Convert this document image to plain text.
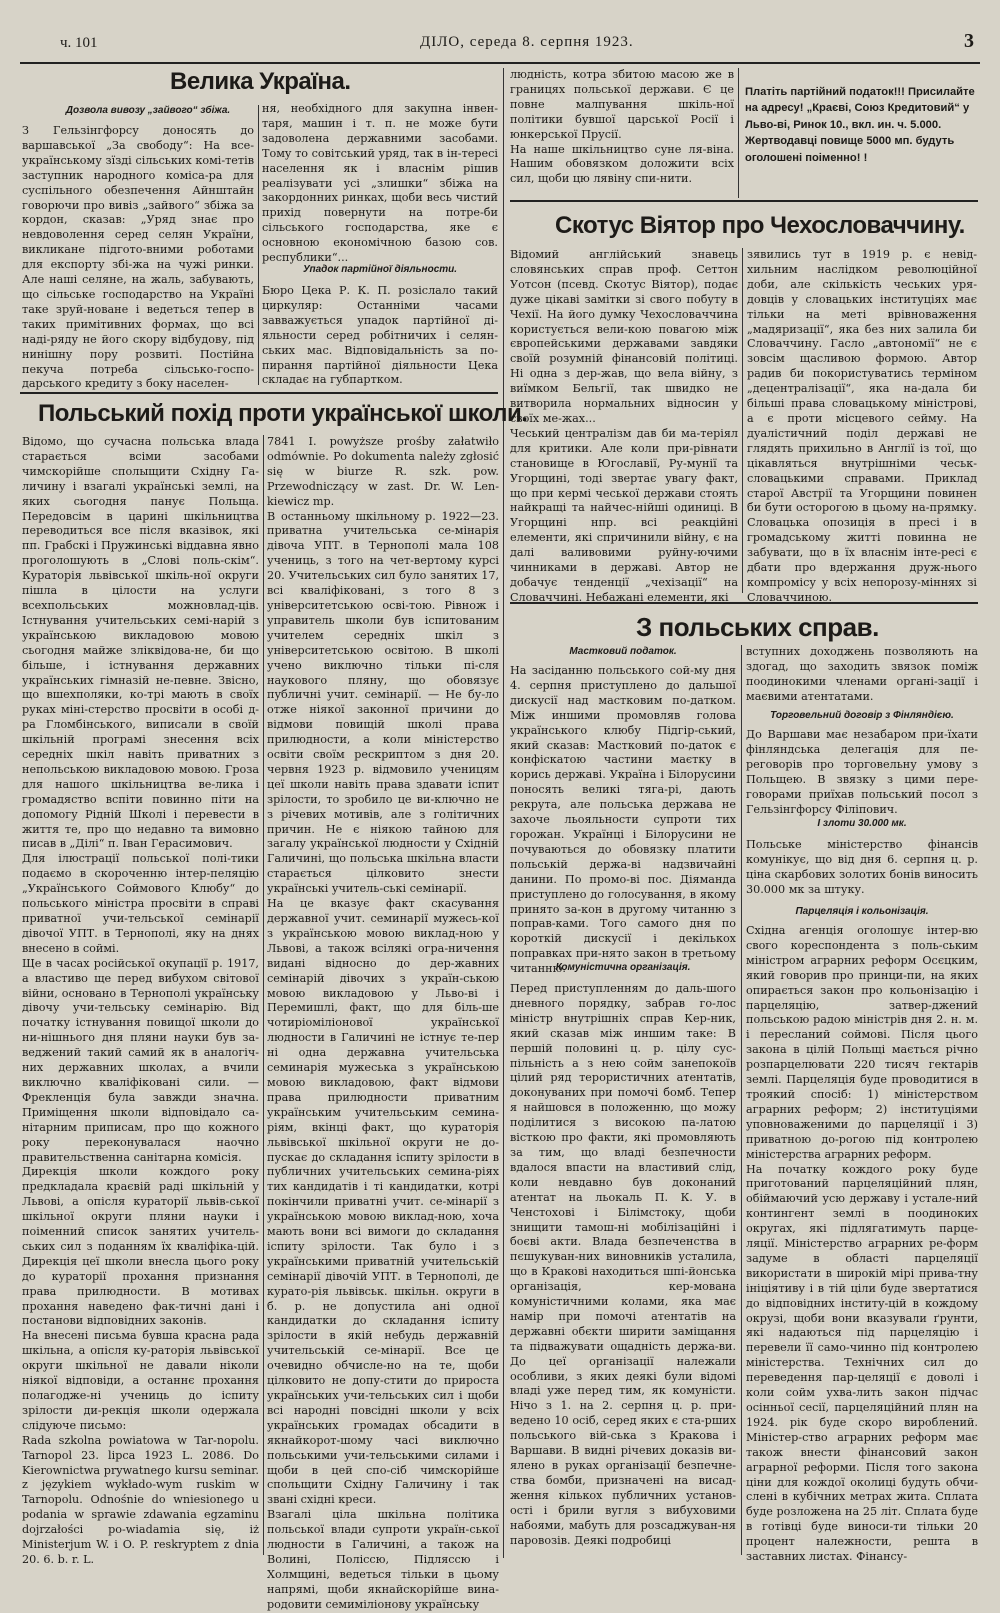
ч. 101	ДІЛО, середа 8. серпня 1923.	3
Велика Україна.
Дозвола вивозу „зайвого“ збіжа.
З Гельзінгфорсу доносять до варшавської „За свободу“: На все-українському зїзді сільських комі-тетів заступник народного коміса-ра для суспільного обезпечення Айнштайн говорючи про вивіз „зайвого“ збіжа за кордон, сказав: „Уряд знає про невдоволення серед селян України, викликане підгото-вними роботами для експорту збі-жа на чужі ринки. Але наші селяне, на жаль, забувають, що сільське господарство на Україні таке зруй-новане і ведеться тепер в таких примітивних формах, що всі наді-ряду не його скору відбудову, під нинішну пору розвиті. Постійна пекуча потреба сільсько-госпо-дарського кредиту з боку населен-
ня, необхідного для закупна інвен-таря, машин і т. п. не може бути задоволена державними засобами. Тому то совітський уряд, так в ін-тересі населення як і власнім рішив реалізувати усі „злишки“ збіжа на закордонних ринках, щоби весь чистий прихід повернути на потре-би сільського господарства, яке є основною економічною базою сов. республики“...
Упадок партійної діяльности.
Бюро Цека Р. К. П. розіслало такий циркуляр: Останніми часами завважується упадок партійної ді-яльности серед робітничих і селян-ських мас. Відповідальність за по-пирання партійної діяльности Цека складає на губпартком.
людність, котра збитою масою же в границях польської держави. Є це повне малпування шкіль-ної політики бувшої царської Росії і юнкерської Прусії.
На наше шкільництво суне ля-віна. Нашим обовязком доложити всіх сил, щоби цю лявіну спи-нити.
Платіть партійний податок!!! Присилайте на адресу! „Краєві, Союз Кредитовий“ у Льво-ві, Ринок 10., вкл. ин. ч. 5.000. Жертводавці повище 5000 мп. будуть оголошені поіменно! !
Скотус Віятор про Чехословаччину.
Відомий англійський знавець словянських справ проф. Сеттон Уотсон (псевд. Скотус Віятор), подає дуже цікаві замітки зі свого побуту в Чехії. На його думку Чехословаччина користується вели-кою повагою між європейськими державами завдяки своїй розумній фінансовій політиці. Ні одна з дер-жав, що вела війну, з виїмком Бельгії, так швидко не витворила нормальних відносин у своїх ме-жах...
Чеський централізм дав би ма-теріял для критики. Але коли при-рівнати становище в Югославії, Ру-мунії та Угорщині, тоді звертає увагу факт, що при кермі чеської держави стоять найкращі та найчес-нійші одиниці. В Угорщині нпр. всі реакційні елементи, які спричинили війну, є на далі валивовими руйну-ючими чинниками в державі. Автор не добачує тенденції „чехізації“ на Словаччині. Небажані елементи, які
зявились тут в 1919 р. є невід-хильним наслідком революційної доби, але скількість чеських уря-довців у словацьких інституціях має тільки на меті врівноваження „мадяризації“, яка без них залила би Словаччину. Гасло „автономії“ не є зовсім щасливою формою. Автор радив би покористуватись терміном „децентралізації“, яка на-дала би більші права словацькому міністрові, а є проти місцевого сейму. На дуалістичний поділ державі не глядять прихильно в Англії із тої, що цікавляться внутрішніми чеськ-словацькими справами. Приклад старої Австрії та Угорщини повинен би бути осторогою в цьому на-прямку. Словацька опозиція в пресі і в громадському житті повинна не забувати, що в їх власнім інте-ресі є дбати про вдержання друж-нього компромісу у всіх непорозу-міннях зі Словаччиною.
Польський похід проти української школи.
Відомо, що сучасна польська влада старається всіми засобами чимскорійше сполыщити Східну Га-личину і взагалі українські землі, на яких сьогодня панує Польща. Передовсім в царині шкільництва переводиться все після вказівок, які пп. Грабскі і Пружинські віддавна явно проголошують в „Слові поль-скім“. Кураторія львівської шкіль-ної округи пішла в цілости на услуги всехпольських можновлад-ців. Істнування учительських семі-нарій з українською викладовою мовою сьогодня майже зліквідова-не, би що більше, і істнування державних українських гімназій не-певне. Звісно, що вшехполяки, ко-трі мають в своїх руках міні-стерство просвіти в особі д-ра Гломбінського, виписали в своїй шкільній програмі знесення всіх середніх шкіл навіть приватних з непольською викладовою мовою. Гроза для нашого шкільництва ве-лика і громадяство вспіти повинно піти на допомогу Рідній Школі і перевести в життя те, про що недавно та вимовно писав в „Ділі“ п. Іван Герасимович.
Для ілюстрації польської полі-тики подаємо в скороченню інтер-пеляцію „Українського Соймового Клюбу“ до польського міністра просвіти в справі приватної учи-тельської семінарії дівочої УПТ. в Тернополі, яку на днях внесено в соймі.
Ще в часах російської окупації р. 1917, а властиво ще перед вибухом світової війни, основано в Тернополі українську дівочу учи-тельську семінарію. Від початку істнування повищої школи до ни-нішнього дня пляни науки був за-веджений такий самий як в аналогіч-них державних школах, а вчили виключно кваліфіковані сили. — Фрекленція була завжди значна. Приміщення школи відповідало са-нітарним приписам, про що кожного року переконувалася наочно правительственна санітарна комісія.
Дирекція школи кождого року предкладала краєвій раді шкільній у Львові, а опісля кураторії львів-ської шкільної округи пляни науки і поіменний список занятих учитель-ських сил з поданням їх кваліфіка-цій. Дирекція цеї школи внесла цього року до кураторії прохання признання права прилюдности. В мотивах прохання наведено фак-тичні дані і постанови відповідних законів.
На внесені письма бувша красна рада шкільна, а опісля ку-раторія львівської округи шкільної не давали ніколи ніякої відповіди, а останнє прохання полагодже-ні учениць до іспиту зрілости ди-рекція школи одержала слідуюче письмо:
Rada szkolna powiatowa w Tar-nopolu. Tarnopol 23. lipca 1923 L. 2086. Do Kierownictwa prywatnego kursu seminar. z językiem wykłado-wym ruskim w Tarnopolu. Odnośnie do wniesionego u podania w sprawie zdawania egzaminu dojrzałości po-wiadamia się, iż Ministerjum W. i O. P. reskryptem z dnia 20. 6. b. r. L.
7841 I. powyższe prośby załatwiło odmównie. Po dokumenta należy zgłosić się w biurze R. szk. pow. Przewodniczący w zast. Dr. W. Len-kiewicz mp.
В останньому шкільному р. 1922—23. приватна учительська се-мінарія дівоча УПТ. в Тернополі мала 108 учениць, з того на чет-вертому курсі 20. Учительських сил було занятих 17, всі кваліфіковані, з того 8 з університетською осві-тою. Рівнож і управитель школи був іспитованим учителем середніх шкіл з університетською освітою. В школі учено виключно тільки пі-сля наукового пляну, що обовязує публичні учит. семінарії. — Не бу-ло отже ніякої законної причини до відмови повищій школі права прилюдности, а коли міністерство освіти своїм рескриптом з дня 20. червня 1923 р. відмовило ученицям цеї школи навіть права здавати іспит зрілости, то зробило це ви-ключно не з річевих мотивів, але з голітичних причин. Не є ніякою тайною для загалу української людности у Східній Галичині, що польська шкільна власти старається цілковито знести українські учитель-ські семінарії.
На це вказує факт скасування державної учит. семинарії мужесь-кої з українською мовою виклад-ною у Львові, а також всілякі огра-ничення видані відносно до дер-жавних семінарій дівочих з україн-ською мовою викладовою у Льво-ві і Перемишлі, факт, що для біль-ше чотиріоміліонової української людности в Галичині не істнує те-пер ні одна державна учительська семинарія мужеська з українською мовою викладовою, факт відмови права прилюдности приватним українським учительським семина-ріям, вкінці факт, що кураторія львівської шкільної округи не до-пускає до складання іспиту зрілости в публичних учительських семина-ріях тих кандидатів і ті кандидатки, котрі покінчили приватні учит. се-мінарії з українською мовою виклад-ною, хоча мають вони всі вимоги до складання іспиту зрілости. Так було і з українськими приватній учительській семінарії дівочій УПТ. в Тернополі, де курато-рія львівськ. шкільн. округи в б. р. не допустила ані одної кандидатки до складання іспиту зрілости в якій небудь державній учительській се-мінарії. Все це очевидно обчисле-но на те, щоби цілковито не допу-стити до прироста українських учи-тельських сил і щоби всі народні повсідні школи у всіх українських громадах обсадити в якнайкорот-шому часі виключно польськими учи-тельськими силами і щоби в цей спо-сіб чимскорійше спольщити Східну Галичину і так звані східні креси.
Взагалі ціла шкільна політика польської влади супроти україн-ської людности в Галичині, а також на Волині, Поліссю, Підляссю і Холмщині, ведеться тільки в цьому напрямі, щоби якнайскорійше вина-родовити семиміліонову українську
З польських справ.
Мастковий податок.
На засіданню польського сой-му дня 4. серпня приступлено до дальшої дискусії над мастковим по-датком. Між иншими промовляв голова українського клюбу Підгір-ський, який сказав: Мастковий по-даток є конфіскатою частини маєтку в корись державі. Україна і Білорусини поносять великі тяга-рі, дають рекрута, але польська держава не захоче льояльности супроти тих горожан. Українці і Білорусини не почуваються до обовязку платити польській держа-ві надзвичайні данини. По промо-ві пос. Діяманда приступлено до голосування, в якому принято за-кон в другому читанню з поправ-ками. Того самого дня по короткій дискусії і декількох поправках при-нято закон в третьому читанню.
Комуністична організація.
Перед приступленням до даль-шого дневного порядку, забрав го-лос міністр внутрішніх справ Кер-ник, який сказав між иншим таке: В першій половині ц. р. цілу сус-пільність а з нею сойм занепокоїв цілий ряд терористичних атентатів, доконуваних при помочі бомб. Тепер я найшовся в положенню, що можу поділитися з високою па-латою вісткою про факти, які промовляють за тим, що владі безпечности вдалося впасти на властивий слід, коли невдавно був доконаний атентат на льокаль П. К. У. в Ченстохові і Білімстоку, щоби знищити тамош-ні мобілізаційні і боєві акти. Влада безпеченства в пєшукуван-них виновників усталила, що в Кракові находиться шпі-йонська організація, кер-мована комуністичними колами, яка має намір при помочі атентатів на державні обєкти ширити заміщання та підважувати ощадність держа-ви. До цеї організації належали особливи, з яких деякі були відомі владі уже перед тим, як комуністи. Нічо з 1. на 2. серпня ц. р. при-ведено 10 осіб, серед яких є ста-рших польського вій-ська з Кракова і Варшави. В видні річевих доказів ви-ялено в руках організації безпечне-ства бомби, призначені на висад-ження кількох публичних установ-ості і брили вугля з вибуховими набоями, мабуть для розсаджуван-ня паровозів. Деякі подробиці
вступних доходжень позволяють на здогад, що заходить звязок поміж поодинокими членами органі-зації і маєвими атентатами.
Торговельний договір з Фінляндією.
До Варшави має незабаром при-їхати фінляндська делегація для пе-реговорів про торговельну умову з Польщею. В звязку з цими пере-говорами приїхав польський посол з Гельзінгфорсу Філіпович.
І злоти 30.000 мк.
Польське міністерство фінансів комунікує, що від дня 6. серпня ц. р. ціна скарбових золотих бонів виносить 30.000 мк за штуку.
Парцеляція і кольонізація.
Східна агенція оголошує інтер-вю свого кореспондента з поль-ським міністром аграрних реформ Осєцким, який говорив про принци-пи, на яких опирається закон про кольонізацію і парцеляцію, затвер-джений польською радою міністрів дня 2. н. м. і пересланий соймові. Після цього закона в цілій Польщі мається річно розпарцелювати 220 тисяч гектарів землі. Парцеляція буде проводитися в троякий спосіб: 1) міністерством аграрних реформ; 2) інституціями уповноваженими до парцеляції і 3) приватною до-рогою під контролею міністерства аграрних реформ.
На початку кождого року буде приготований парцеляційний плян, обіймаючий усю державу і устале-ний контингент землі в поодиноких округах, які підлягатимуть парце-ляції. Міністерство аграрних ре-форм задуме в області парцеляції використати в широкій мірі прива-тну ініціятиву і в тій ціли буде звертатися до відповідних інститу-цій в кождому окрузі, щоби вони вказували ґрунти, які надаються під парцеляцію і перевели її само-чинно під контролею міністерства. Технічних сил до переведення пар-целяції є доволі і коли сойм ухва-лить закон підчас осінньої сесії, парцеляційний плян на 1924. рік буде скоро вироблений. Міністер-ство аграрних реформ має також внести фінансовий закон аграрної реформи. Після того закона ціни для кождої околиці будуть обчи-слені в кубічних метрах жита. Сплата буде розложена на 25 літ. Сплата буде в готівці буде виноси-ти тільки 20 процент належности, решта в заставних листах. Фінансу-
